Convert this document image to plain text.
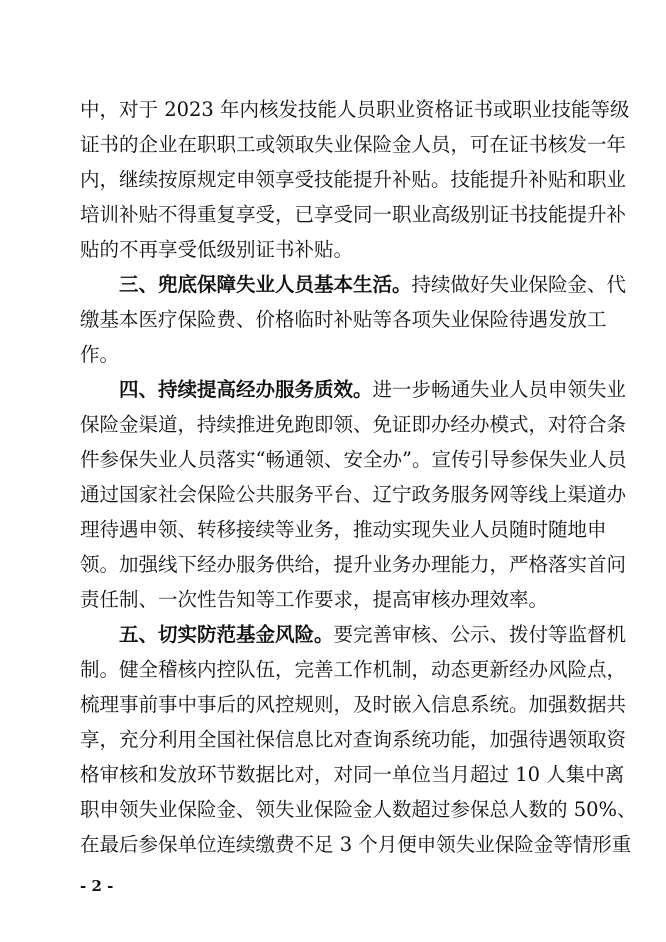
中，对于 2023 年内核发技能人员职业资格证书或职业技能等级
证书的企业在职职工或领取失业保险金人员，可在证书核发一年
内，继续按原规定申领享受技能提升补贴。技能提升补贴和职业
培训补贴不得重复享受，已享受同一职业高级别证书技能提升补
贴的不再享受低级别证书补贴。
三、兜底保障失业人员基本生活。持续做好失业保险金、代
缴基本医疗保险费、价格临时补贴等各项失业保险待遇发放工
作。
四、持续提高经办服务质效。进一步畅通失业人员申领失业
保险金渠道，持续推进免跑即领、免证即办经办模式，对符合条
件参保失业人员落实“畅通领、安全办”。宣传引导参保失业人员
通过国家社会保险公共服务平台、辽宁政务服务网等线上渠道办
理待遇申领、转移接续等业务，推动实现失业人员随时随地申
领。加强线下经办服务供给，提升业务办理能力，严格落实首问
责任制、一次性告知等工作要求，提高审核办理效率。
五、切实防范基金风险。要完善审核、公示、拨付等监督机
制。健全稽核内控队伍，完善工作机制，动态更新经办风险点，
梳理事前事中事后的风控规则，及时嵌入信息系统。加强数据共
享，充分利用全国社保信息比对查询系统功能，加强待遇领取资
格审核和发放环节数据比对，对同一单位当月超过 10 人集中离
职申领失业保险金、领失业保险金人数超过参保总人数的 50%、
在最后参保单位连续缴费不足 3 个月便申领失业保险金等情形重
- 2 -
